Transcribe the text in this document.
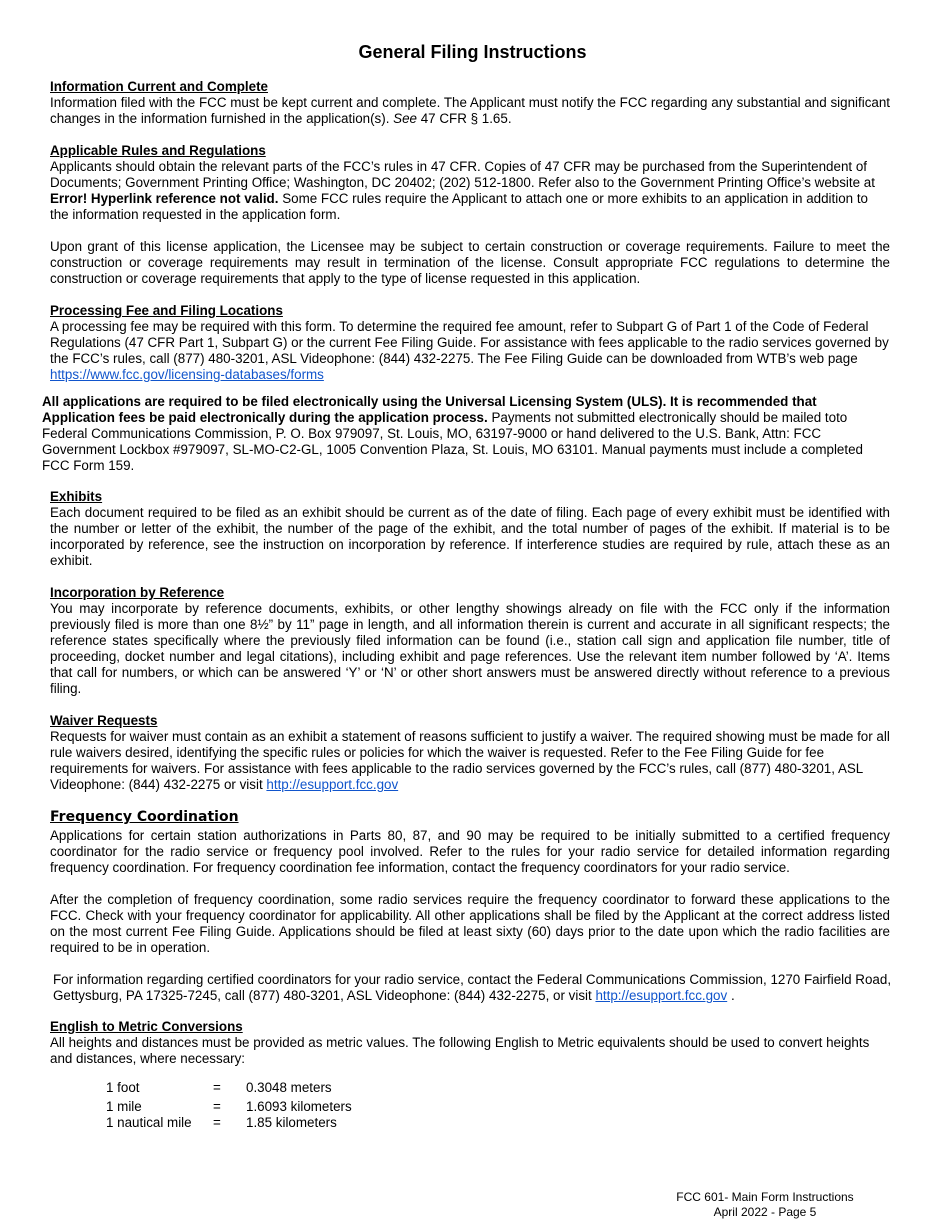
General Filing Instructions
Information Current and Complete
Information filed with the FCC must be kept current and complete. The Applicant must notify the FCC regarding any substantial and significant changes in the information furnished in the application(s). See 47 CFR § 1.65.
Applicable Rules and Regulations
Applicants should obtain the relevant parts of the FCC’s rules in 47 CFR. Copies of 47 CFR may be purchased from the Superintendent of Documents; Government Printing Office; Washington, DC 20402; (202) 512-1800. Refer also to the Government Printing Office’s website at Error! Hyperlink reference not valid. Some FCC rules require the Applicant to attach one or more exhibits to an application in addition to the information requested in the application form.
Upon grant of this license application, the Licensee may be subject to certain construction or coverage requirements. Failure to meet the construction or coverage requirements may result in termination of the license. Consult appropriate FCC regulations to determine the construction or coverage requirements that apply to the type of license requested in this application.
Processing Fee and Filing Locations
A processing fee may be required with this form. To determine the required fee amount, refer to Subpart G of Part 1 of the Code of Federal Regulations (47 CFR Part 1, Subpart G) or the current Fee Filing Guide. For assistance with fees applicable to the radio services governed by the FCC’s rules, call (877) 480-3201, ASL Videophone: (844) 432-2275. The Fee Filing Guide can be downloaded from WTB’s web page https://www.fcc.gov/licensing-databases/forms
All applications are required to be filed electronically using the Universal Licensing System (ULS). It is recommended that Application fees be paid electronically during the application process. Payments not submitted electronically should be mailed toto Federal Communications Commission, P. O. Box 979097, St. Louis, MO, 63197-9000 or hand delivered to the U.S. Bank, Attn: FCC Government Lockbox #979097, SL-MO-C2-GL, 1005 Convention Plaza, St. Louis, MO 63101. Manual payments must include a completed FCC Form 159.
Exhibits
Each document required to be filed as an exhibit should be current as of the date of filing. Each page of every exhibit must be identified with the number or letter of the exhibit, the number of the page of the exhibit, and the total number of pages of the exhibit. If material is to be incorporated by reference, see the instruction on incorporation by reference. If interference studies are required by rule, attach these as an exhibit.
Incorporation by Reference
You may incorporate by reference documents, exhibits, or other lengthy showings already on file with the FCC only if the information previously filed is more than one 8½” by 11” page in length, and all information therein is current and accurate in all significant respects; the reference states specifically where the previously filed information can be found (i.e., station call sign and application file number, title of proceeding, docket number and legal citations), including exhibit and page references. Use the relevant item number followed by ‘A’. Items that call for numbers, or which can be answered ‘Y’ or ‘N’ or other short answers must be answered directly without reference to a previous filing.
Waiver Requests
Requests for waiver must contain as an exhibit a statement of reasons sufficient to justify a waiver. The required showing must be made for all rule waivers desired, identifying the specific rules or policies for which the waiver is requested. Refer to the Fee Filing Guide for fee requirements for waivers. For assistance with fees applicable to the radio services governed by the FCC’s rules, call (877) 480-3201, ASL Videophone: (844) 432-2275 or visit http://esupport.fcc.gov
Frequency Coordination
Applications for certain station authorizations in Parts 80, 87, and 90 may be required to be initially submitted to a certified frequency coordinator for the radio service or frequency pool involved. Refer to the rules for your radio service for detailed information regarding frequency coordination. For frequency coordination fee information, contact the frequency coordinators for your radio service.
After the completion of frequency coordination, some radio services require the frequency coordinator to forward these applications to the FCC. Check with your frequency coordinator for applicability. All other applications shall be filed by the Applicant at the correct address listed on the most current Fee Filing Guide. Applications should be filed at least sixty (60) days prior to the date upon which the radio facilities are required to be in operation.
For information regarding certified coordinators for your radio service, contact the Federal Communications Commission, 1270 Fairfield Road, Gettysburg, PA 17325-7245, call (877) 480-3201, ASL Videophone: (844) 432-2275, or visit http://esupport.fcc.gov .
English to Metric Conversions
All heights and distances must be provided as metric values. The following English to Metric equivalents should be used to convert heights and distances, where necessary:
1 foot	= 0.3048 meters
1 mile	= 1.6093 kilometers
1 nautical mile = 1.85 kilometers
FCC 601- Main Form Instructions
April 2022 - Page 5
